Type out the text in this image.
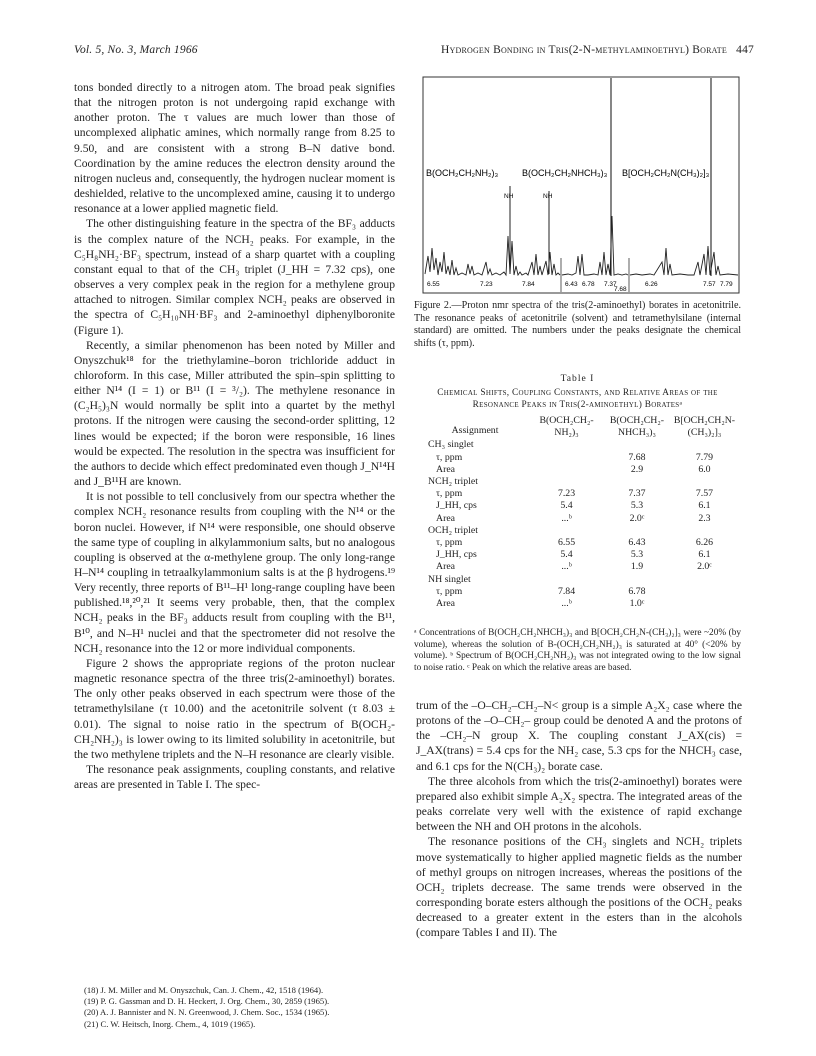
Vol. 5, No. 3, March 1966	Hydrogen Bonding in Tris(2-N-methylaminoethyl) Borate 447

tons bonded directly to a nitrogen atom. The broad peak signifies that the nitrogen proton is not undergoing rapid exchange with another proton. The τ values are much lower than those of uncomplexed aliphatic amines, which normally range from 8.25 to 9.50, and are consistent with a strong B–N dative bond. Coordination by the amine reduces the electron density around the nitrogen nucleus and, consequently, the hydrogen nuclear moment is deshielded, relative to the uncomplexed amine, causing it to undergo resonance at a lower applied magnetic field.

The other distinguishing feature in the spectra of the BF₃ adducts is the complex nature of the NCH₂ peaks. For example, in the C₅H₈NH₂·BF₃ spectrum, instead of a sharp quartet with a coupling constant equal to that of the CH₃ triplet (J_HH = 7.32 cps), one observes a very complex peak in the region for a methylene group attached to nitrogen. Similar complex NCH₂ peaks are observed in the spectra of C₅H₁₀NH·BF₃ and 2-aminoethyl diphenylboronite (Figure 1).

Recently, a similar phenomenon has been noted by Miller and Onyszchuk¹⁸ for the triethylamine–boron trichloride adduct in chloroform. In this case, Miller attributed the spin–spin splitting to either N¹⁴ (I = 1) or B¹¹ (I = ³/₂). The methylene resonance in (C₂H₅)₃N would normally be split into a quartet by the methyl protons. If the nitrogen were causing the second-order splitting, 12 lines would be expected; if the boron were responsible, 16 lines would be expected. The resolution in the spectra was insufficient for the authors to decide which effect predominated even though J_N¹⁴H and J_B¹¹H are known.

It is not possible to tell conclusively from our spectra whether the complex NCH₂ resonance results from coupling with the N¹⁴ or the boron nuclei. However, if N¹⁴ were responsible, one should observe the same type of coupling in alkylammonium salts, but no analogous coupling is observed at the α-methylene group. The only long-range H–N¹⁴ coupling in tetraalkylammonium salts is at the β hydrogens.¹⁹ Very recently, three reports of B¹¹–H¹ long-range coupling have been published.¹⁸,²⁰,²¹ It seems very probable, then, that the complex NCH₂ peaks in the BF₃ adducts result from coupling with the B¹¹, B¹⁰, and N–H¹ nuclei and that the spectrometer did not resolve the NCH₂ resonance into the 12 or more individual components.

Figure 2 shows the appropriate regions of the proton nuclear magnetic resonance spectra of the three tris(2-aminoethyl) borates. The only other peaks observed in each spectrum were those of the tetramethylsilane (τ 10.00) and the acetonitrile solvent (τ 8.03 ± 0.01). The signal to noise ratio in the spectrum of B(OCH₂-CH₂NH₂)₃ is lower owing to its limited solubility in acetonitrile, but the two methylene triplets and the N–H resonance are clearly visible.

The resonance peak assignments, coupling constants, and relative areas are presented in Table I. The spec-

(18) J. M. Miller and M. Onyszchuk, Can. J. Chem., 42, 1518 (1964).
(19) P. G. Gassman and D. H. Heckert, J. Org. Chem., 30, 2859 (1965).
(20) A. J. Bannister and N. N. Greenwood, J. Chem. Soc., 1534 (1965).
(21) C. W. Heitsch, Inorg. Chem., 4, 1019 (1965).
B(OCH₂CH₂NH₂)₃	B(OCH₂CH₂NHCH₃)₃ B[OCH₂CH₂N(CH₃)₂]₃
NH	NH
6.55	7.23	7.84	6.43 6.78 7.37
7.68
6.26	7.57 7.79
Figure 2.—Proton nmr spectra of the tris(2-aminoethyl) borates in acetonitrile. The resonance peaks of acetonitrile (solvent) and tetramethylsilane (internal standard) are omitted. The numbers under the peaks designate the chemical shifts (τ, ppm).
Table I
Chemical Shifts, Coupling Constants, and Relative Areas of the Resonance Peaks in Tris(2-aminoethyl) Boratesᵃ
Assignment	B(OCH₂CH₂-NH₂)₃	B(OCH₂CH₂-NHCH₃)₃	B[OCH₂CH₂N-(CH₃)₂]₃
CH₃ singlet			
τ, ppm		7.68	7.79
Area		2.9	6.0
NCH₂ triplet			
τ, ppm	7.23	7.37	7.57
J_HH, cps	5.4	5.3	6.1
Area	...ᵇ	2.0ᶜ	2.3
OCH₂ triplet			
τ, ppm	6.55	6.43	6.26
J_HH, cps	5.4	5.3	6.1
Area	...ᵇ	1.9	2.0ᶜ
NH singlet			
τ, ppm	7.84	6.78	
Area	...ᵇ	1.0ᶜ	
ᵃ Concentrations of B(OCH₂CH₂NHCH₃)₃ and B[OCH₂CH₂N-(CH₃)₂]₃ were ~20% (by volume), whereas the solution of B-(OCH₂CH₂NH₂)₃ is saturated at 40° (<20% by volume). ᵇ Spectrum of B(OCH₂CH₂NH₂)₃ was not integrated owing to the low signal to noise ratio. ᶜ Peak on which the relative areas are based.

trum of the –O–CH₂–CH₂–N< group is a simple A₂X₂ case where the protons of the –O–CH₂– group could be denoted A and the protons of the –CH₂–N group X. The coupling constant J_AX(cis) = J_AX(trans) = 5.4 cps for the NH₂ case, 5.3 cps for the NHCH₃ case, and 6.1 cps for the N(CH₃)₂ borate case.

The three alcohols from which the tris(2-aminoethyl) borates were prepared also exhibit simple A₂X₂ spectra. The integrated areas of the peaks correlate very well with the existence of rapid exchange between the NH and OH protons in the alcohols.

The resonance positions of the CH₃ singlets and NCH₂ triplets move systematically to higher applied magnetic fields as the number of methyl groups on nitrogen increases, whereas the positions of the OCH₂ triplets decrease. The same trends were observed in the corresponding borate esters although the positions of the OCH₂ peaks decreased to a greater extent in the esters than in the alcohols (compare Tables I and II). The
